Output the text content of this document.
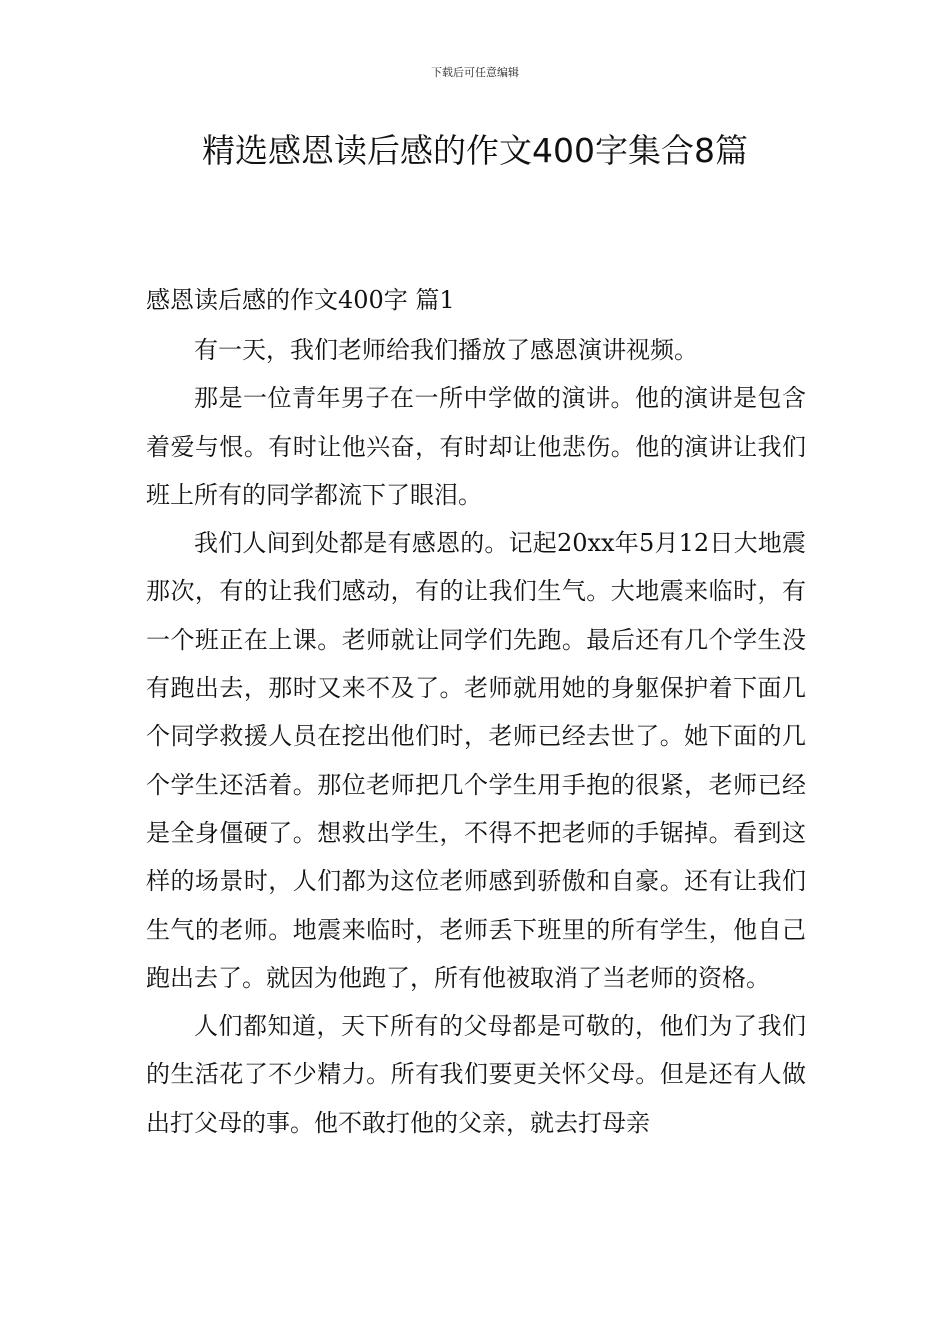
下载后可任意编辑
精选感恩读后感的作文400字集合8篇
感恩读后感的作文400字 篇1

有一天，我们老师给我们播放了感恩演讲视频。

那是一位青年男子在一所中学做的演讲。他的演讲是包含着爱与恨。有时让他兴奋，有时却让他悲伤。他的演讲让我们班上所有的同学都流下了眼泪。

我们人间到处都是有感恩的。记起20xx年5月12日大地震那次，有的让我们感动，有的让我们生气。大地震来临时，有一个班正在上课。老师就让同学们先跑。最后还有几个学生没有跑出去，那时又来不及了。老师就用她的身躯保护着下面几个同学救援人员在挖出他们时，老师已经去世了。她下面的几个学生还活着。那位老师把几个学生用手抱的很紧，老师已经是全身僵硬了。想救出学生，不得不把老师的手锯掉。看到这样的场景时，人们都为这位老师感到骄傲和自豪。还有让我们生气的老师。地震来临时，老师丢下班里的所有学生，他自己跑出去了。就因为他跑了，所有他被取消了当老师的资格。

人们都知道，天下所有的父母都是可敬的，他们为了我们的生活花了不少精力。所有我们要更关怀父母。但是还有人做出打父母的事。他不敢打他的父亲，就去打母亲
